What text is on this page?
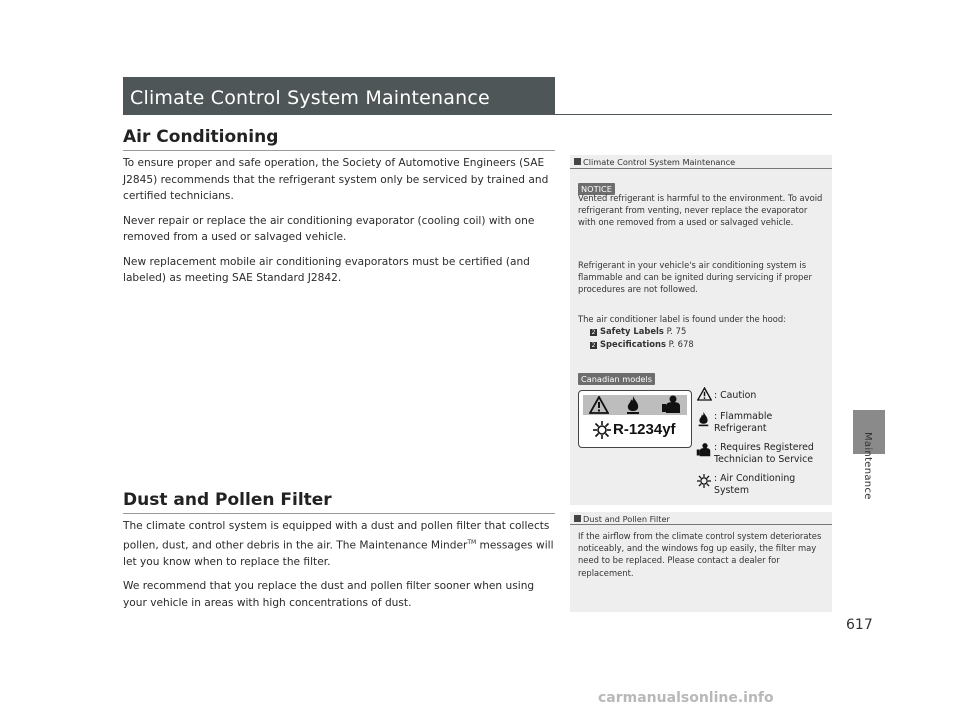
Climate Control System Maintenance
Air Conditioning

To ensure proper and safe operation, the Society of Automotive Engineers (SAE J2845) recommends that the refrigerant system only be serviced by trained and certified technicians.

Never repair or replace the air conditioning evaporator (cooling coil) with one removed from a used or salvaged vehicle.

New replacement mobile air conditioning evaporators must be certified (and labeled) as meeting SAE Standard J2842.

Dust and Pollen Filter

The climate control system is equipped with a dust and pollen filter that collects pollen, dust, and other debris in the air. The Maintenance Minder™ messages will let you know when to replace the filter.

We recommend that you replace the dust and pollen filter sooner when using your vehicle in areas with high concentrations of dust.

Climate Control System Maintenance
NOTICE
Vented refrigerant is harmful to the environment. To avoid refrigerant from venting, never replace the evaporator with one removed from a used or salvaged vehicle.
Refrigerant in your vehicle's air conditioning system is flammable and can be ignited during servicing if proper procedures are not followed.
The air conditioner label is found under the hood:
2 Safety Labels P. 75
2 Specifications P. 678
Canadian models
R-1234yf
: Caution
: Flammable Refrigerant
: Requires Registered Technician to Service
: Air Conditioning System
Dust and Pollen Filter
If the airflow from the climate control system deteriorates noticeably, and the windows fog up easily, the filter may need to be replaced. Please contact a dealer for replacement.
Maintenance
617
carmanualsonline.info
